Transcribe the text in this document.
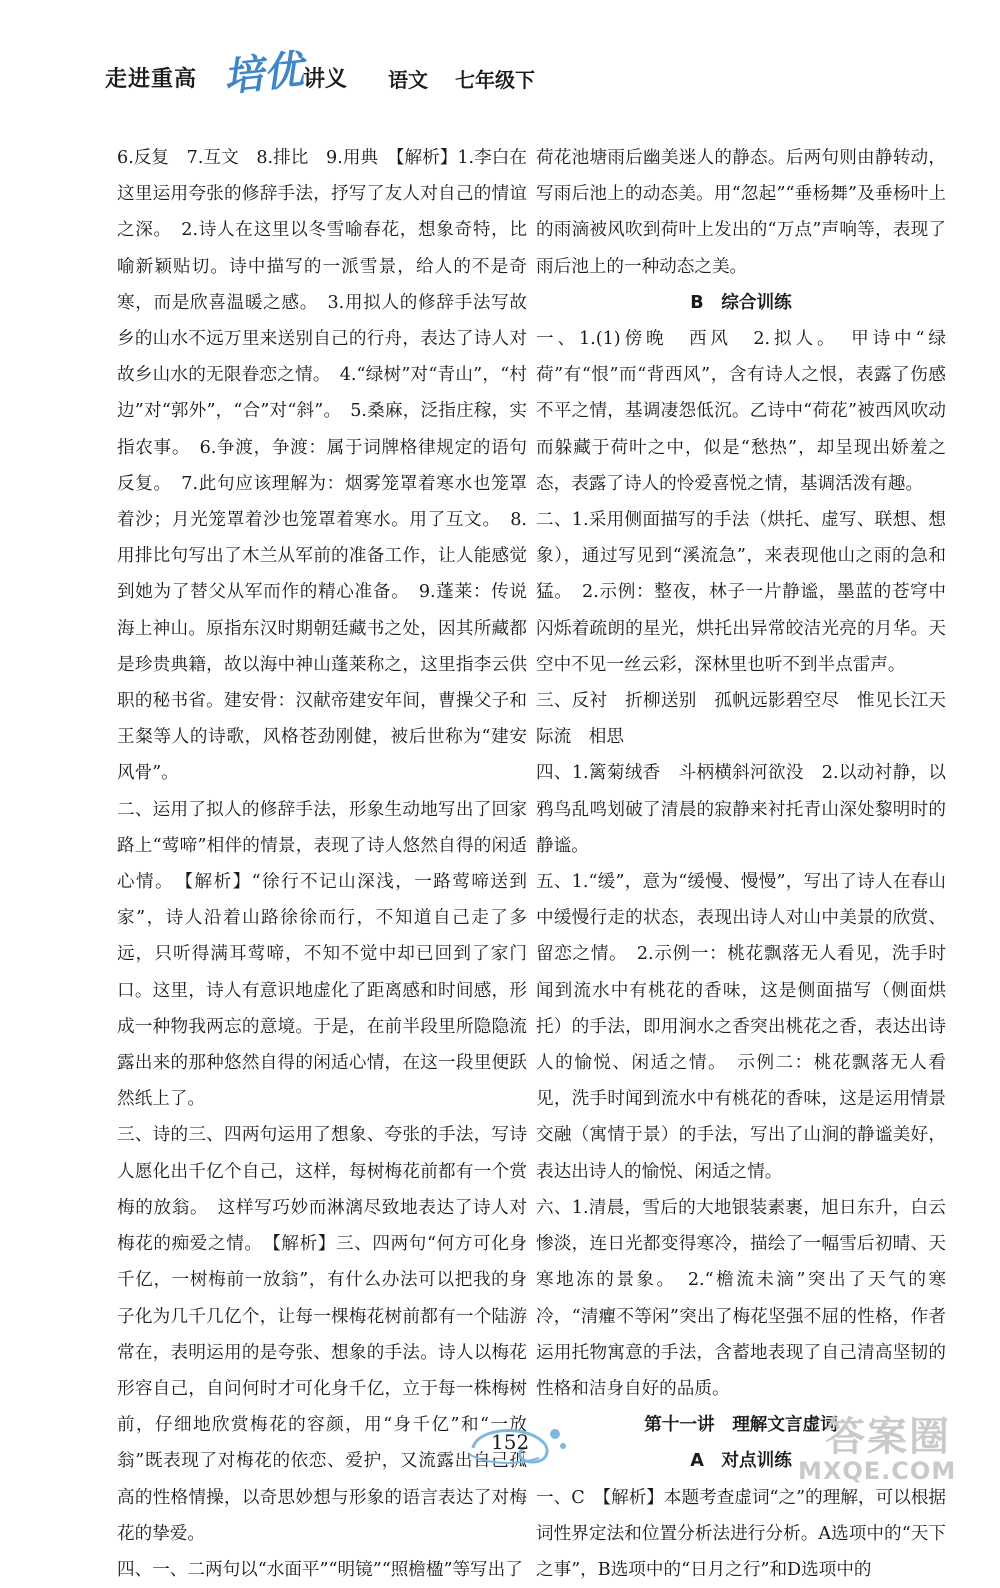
走进重高 培优
讲义 语文 七年级下

6.反复　7.互文　8.排比　9.用典　【解析】1.李白在这里运用夸张的修辞手法，抒写了友人对自己的情谊之深。　2.诗人在这里以冬雪喻春花，想象奇特，比喻新颖贴切。诗中描写的一派雪景，给人的不是奇寒，而是欣喜温暖之感。　3.用拟人的修辞手法写故乡的山水不远万里来送别自己的行舟，表达了诗人对故乡山水的无限眷恋之情。　4.“绿树”对“青山”，“村边”对“郭外”，“合”对“斜”。　5.桑麻，泛指庄稼，实指农事。　6.争渡，争渡：属于词牌格律规定的语句反复。　7.此句应该理解为：烟雾笼罩着寒水也笼罩着沙；月光笼罩着沙也笼罩着寒水。用了互文。　8.用排比句写出了木兰从军前的准备工作，让人能感觉到她为了替父从军而作的精心准备。　9.蓬莱：传说海上神山。原指东汉时期朝廷藏书之处，因其所藏都是珍贵典籍，故以海中神山蓬莱称之，这里指李云供职的秘书省。建安骨：汉献帝建安年间，曹操父子和王粲等人的诗歌，风格苍劲刚健，被后世称为“建安风骨”。

二、运用了拟人的修辞手法，形象生动地写出了回家路上“莺啼”相伴的情景，表现了诗人悠然自得的闲适心情。　【解析】“徐行不记山深浅，一路莺啼送到家”，诗人沿着山路徐徐而行，不知道自己走了多远，只听得满耳莺啼，不知不觉中却已回到了家门口。这里，诗人有意识地虚化了距离感和时间感，形成一种物我两忘的意境。于是，在前半段里所隐隐流露出来的那种悠然自得的闲适心情，在这一段里便跃然纸上了。

三、诗的三、四两句运用了想象、夸张的手法，写诗人愿化出千亿个自己，这样，每树梅花前都有一个赏梅的放翁。　这样写巧妙而淋漓尽致地表达了诗人对梅花的痴爱之情。　【解析】三、四两句“何方可化身千亿，一树梅前一放翁”，有什么办法可以把我的身子化为几千几亿个，让每一棵梅花树前都有一个陆游常在，表明运用的是夸张、想象的手法。诗人以梅花形容自己，自问何时才可化身千亿，立于每一株梅树前，仔细地欣赏梅花的容颜，用“身千亿”和“一放翁”既表现了对梅花的依恋、爱护，又流露出自己孤高的性格情操，以奇思妙想与形象的语言表达了对梅花的挚爱。

四、一、二两句以“水面平”“明镜”“照檐楹”等写出了

荷花池塘雨后幽美迷人的静态。后两句则由静转动，写雨后池上的动态美。用“忽起”“垂杨舞”及垂杨叶上的雨滴被风吹到荷叶上发出的“万点”声响等，表现了雨后池上的一种动态之美。

B　综合训练

一、1.(1)傍晚　西风　2.拟人。　甲诗中“绿荷”有“恨”而“背西风”，含有诗人之恨，表露了伤感不平之情，基调凄怨低沉。乙诗中“荷花”被西风吹动而躲藏于荷叶之中，似是“愁热”，却呈现出娇羞之态，表露了诗人的怜爱喜悦之情，基调活泼有趣。

二、1.采用侧面描写的手法（烘托、虚写、联想、想象），通过写见到“溪流急”，来表现他山之雨的急和猛。　2.示例：整夜，林子一片静谧，墨蓝的苍穹中闪烁着疏朗的星光，烘托出异常皎洁光亮的月华。天空中不见一丝云彩，深林里也听不到半点雷声。

三、反衬　折柳送别　孤帆远影碧空尽　惟见长江天际流　相思

四、1.篱菊绒香　斗柄横斜河欲没　2.以动衬静，以鸦鸟乱鸣划破了清晨的寂静来衬托青山深处黎明时的静谧。

五、1.“缓”，意为“缓慢、慢慢”，写出了诗人在春山中缓慢行走的状态，表现出诗人对山中美景的欣赏、留恋之情。　2.示例一：桃花飘落无人看见，洗手时闻到流水中有桃花的香味，这是侧面描写（侧面烘托）的手法，即用涧水之香突出桃花之香，表达出诗人的愉悦、闲适之情。　示例二：桃花飘落无人看见，洗手时闻到流水中有桃花的香味，这是运用情景交融（寓情于景）的手法，写出了山涧的静谧美好，表达出诗人的愉悦、闲适之情。

六、1.清晨，雪后的大地银装素裹，旭日东升，白云惨淡，连日光都变得寒冷，描绘了一幅雪后初晴、天寒地冻的景象。　2.“檐流未滴”突出了天气的寒冷，“清癯不等闲”突出了梅花坚强不屈的性格，作者运用托物寓意的手法，含蓄地表现了自己清高坚韧的性格和洁身自好的品质。

第十一讲　理解文言虚词

A　对点训练

一、C　【解析】本题考查虚词“之”的理解，可以根据词性界定法和位置分析法进行分析。A选项中的“天下之事”，B选项中的“日月之行”和D选项中的

152	答案圈
MXQE.COM
